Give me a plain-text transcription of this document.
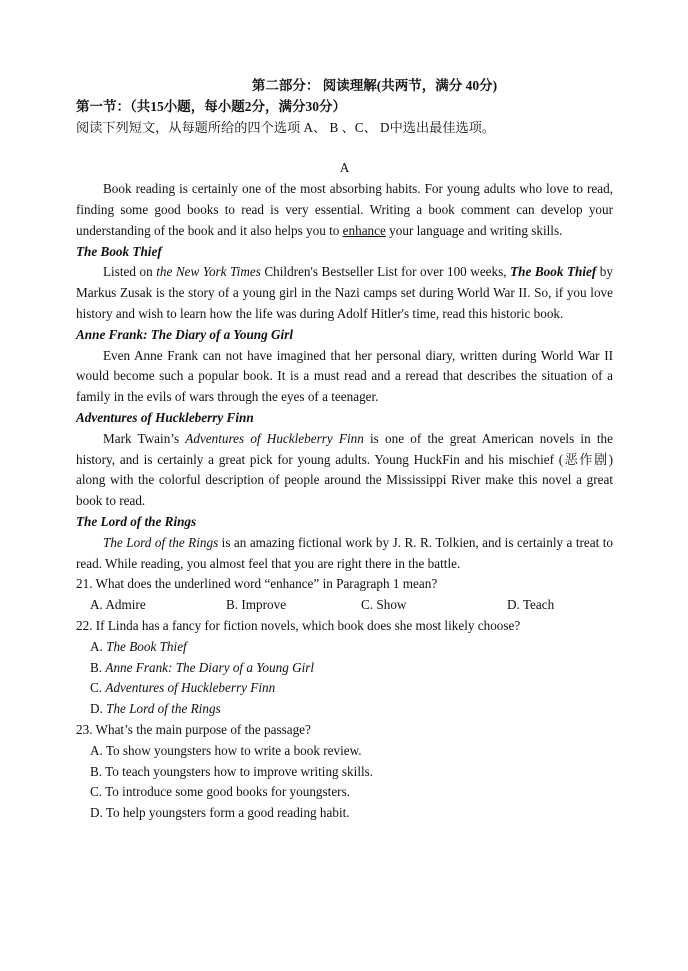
第二部分： 阅读理解(共两节，满分 40分)
第一节：（共15小题，每小题2分，满分30分）
阅读下列短文，从每题所给的四个选项 A、 B 、C、 D中选出最佳选项。
A

Book reading is certainly one of the most absorbing habits. For young adults who love to read, finding some good books to read is very essential. Writing a book comment can develop your understanding of the book and it also helps you to enhance your language and writing skills.

The Book Thief

Listed on the New York Times Children's Bestseller List for over 100 weeks, The Book Thief by Markus Zusak is the story of a young girl in the Nazi camps set during World War II. So, if you love history and wish to learn how the life was during Adolf Hitler's time, read this historic book.

Anne Frank: The Diary of a Young Girl

Even Anne Frank can not have imagined that her personal diary, written during World War II would become such a popular book. It is a must read and a reread that describes the situation of a family in the evils of wars through the eyes of a teenager.

Adventures of Huckleberry Finn

Mark Twain’s Adventures of Huckleberry Finn is one of the great American novels in the history, and is certainly a great pick for young adults. Young HuckFin and his mischief (恶作剧) along with the colorful description of people around the Mississippi River make this novel a great book to read.

The Lord of the Rings

The Lord of the Rings is an amazing fictional work by J. R. R. Tolkien, and is certainly a treat to read. While reading, you almost feel that you are right there in the battle.

21. What does the underlined word “enhance” in Paragraph 1 mean?
A. Admire	B. Improve	C. Show	D. Teach
22. If Linda has a fancy for fiction novels, which book does she most likely choose?
A. The Book Thief
B. Anne Frank: The Diary of a Young Girl
C. Adventures of Huckleberry Finn
D. The Lord of the Rings
23. What’s the main purpose of the passage?
A. To show youngsters how to write a book review.
B. To teach youngsters how to improve writing skills.
C. To introduce some good books for youngsters.
D. To help youngsters form a good reading habit.
